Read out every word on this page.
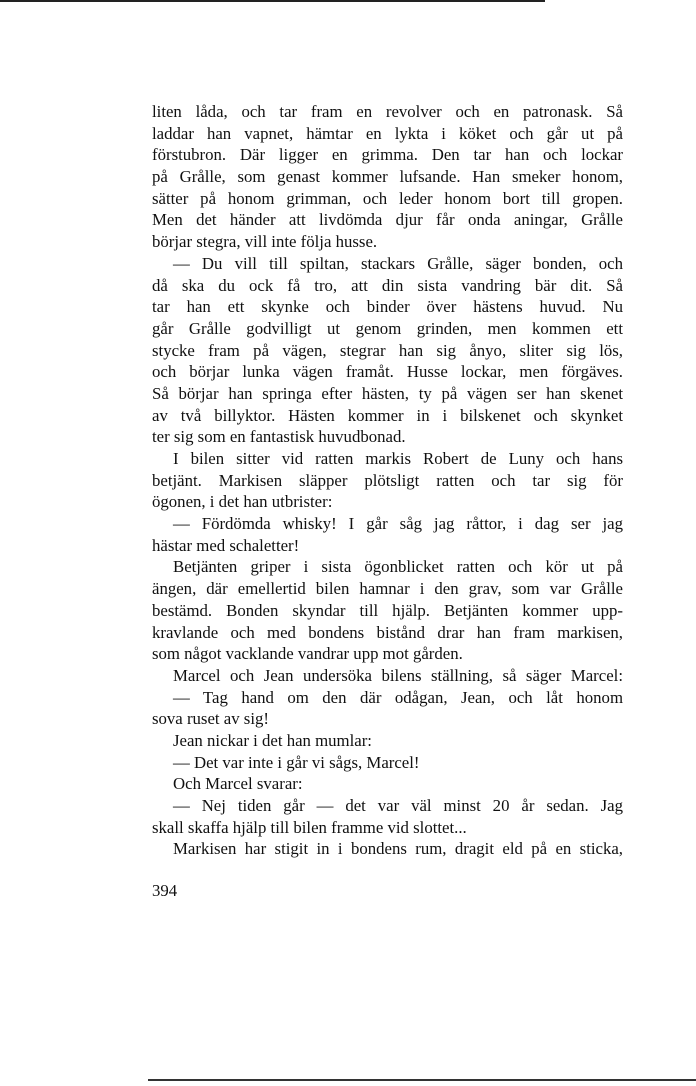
liten låda, och tar fram en revolver och en patronask. Så
laddar han vapnet, hämtar en lykta i köket och går ut på
förstubron. Där ligger en grimma. Den tar han och lockar
på Grålle, som genast kommer lufsande. Han smeker honom,
sätter på honom grimman, och leder honom bort till gropen.
Men det händer att livdömda djur får onda aningar, Grålle
börjar stegra, vill inte följa husse.
— Du vill till spiltan, stackars Grålle, säger bonden, och
då ska du ock få tro, att din sista vandring bär dit. Så
tar han ett skynke och binder över hästens huvud. Nu
går Grålle godvilligt ut genom grinden, men kommen ett
stycke fram på vägen, stegrar han sig ånyo, sliter sig lös,
och börjar lunka vägen framåt. Husse lockar, men förgäves.
Så börjar han springa efter hästen, ty på vägen ser han skenet
av två billyktor. Hästen kommer in i bilskenet och skynket
ter sig som en fantastisk huvudbonad.
I bilen sitter vid ratten markis Robert de Luny och hans
betjänt. Markisen släpper plötsligt ratten och tar sig för
ögonen, i det han utbrister:
— Fördömda whisky! I går såg jag råttor, i dag ser jag
hästar med schaletter!
Betjänten griper i sista ögonblicket ratten och kör ut på
ängen, där emellertid bilen hamnar i den grav, som var Grålle
bestämd. Bonden skyndar till hjälp. Betjänten kommer upp-
kravlande och med bondens bistånd drar han fram markisen,
som något vacklande vandrar upp mot gården.
Marcel och Jean undersöka bilens ställning, så säger Marcel:
— Tag hand om den där odågan, Jean, och låt honom
sova ruset av sig!
Jean nickar i det han mumlar:
— Det var inte i går vi sågs, Marcel!
Och Marcel svarar:
— Nej tiden går — det var väl minst 20 år sedan. Jag
skall skaffa hjälp till bilen framme vid slottet...
Markisen har stigit in i bondens rum, dragit eld på en sticka,
394
